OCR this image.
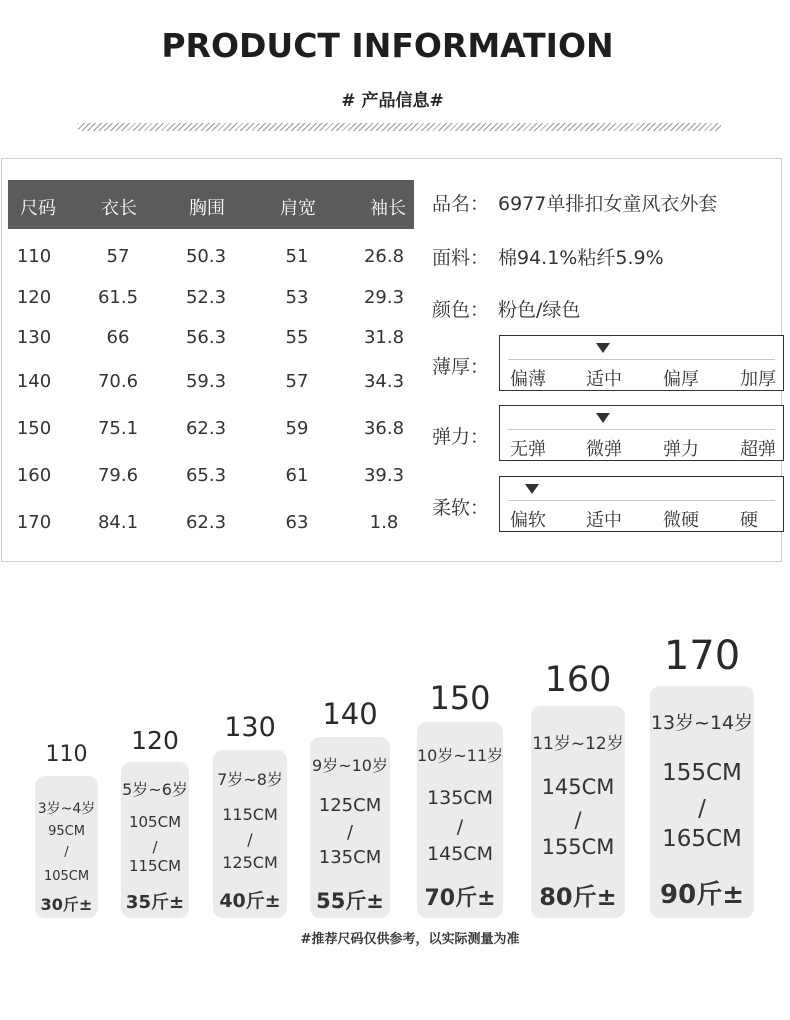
PRODUCT INFORMATION
# 产品信息#
尺码	衣长	胸围	肩宽	袖长
110	57	50.3	51	26.8
120	61.5	52.3	53	29.3
130	66	56.3	55	31.8
140	70.6	59.3	57	34.3
150	75.1	62.3	59	36.8
160	79.6	65.3	61	39.3
170	84.1	62.3	63	1.8
品名： 6977单排扣女童风衣外套
面料： 棉94.1%粘纤5.9%
颜色： 粉色/绿色
薄厚：
偏薄 适中 偏厚 加厚
弹力：
无弹 微弹 弹力 超弹
柔软：
偏软 适中 微硬 硬
3岁~4岁
95CM
/
105CM
30斤±
110
5岁~6岁
105CM
/
115CM
35斤±
120
7岁~8岁
115CM
/
125CM
40斤±
130
9岁~10岁
125CM
/
135CM
55斤±
140
10岁~11岁
135CM
/
145CM
70斤±
150
11岁~12岁
145CM
/
155CM
80斤±
160
13岁~14岁
155CM
/
165CM
90斤±
170
#推荐尺码仅供参考，以实际测量为准
